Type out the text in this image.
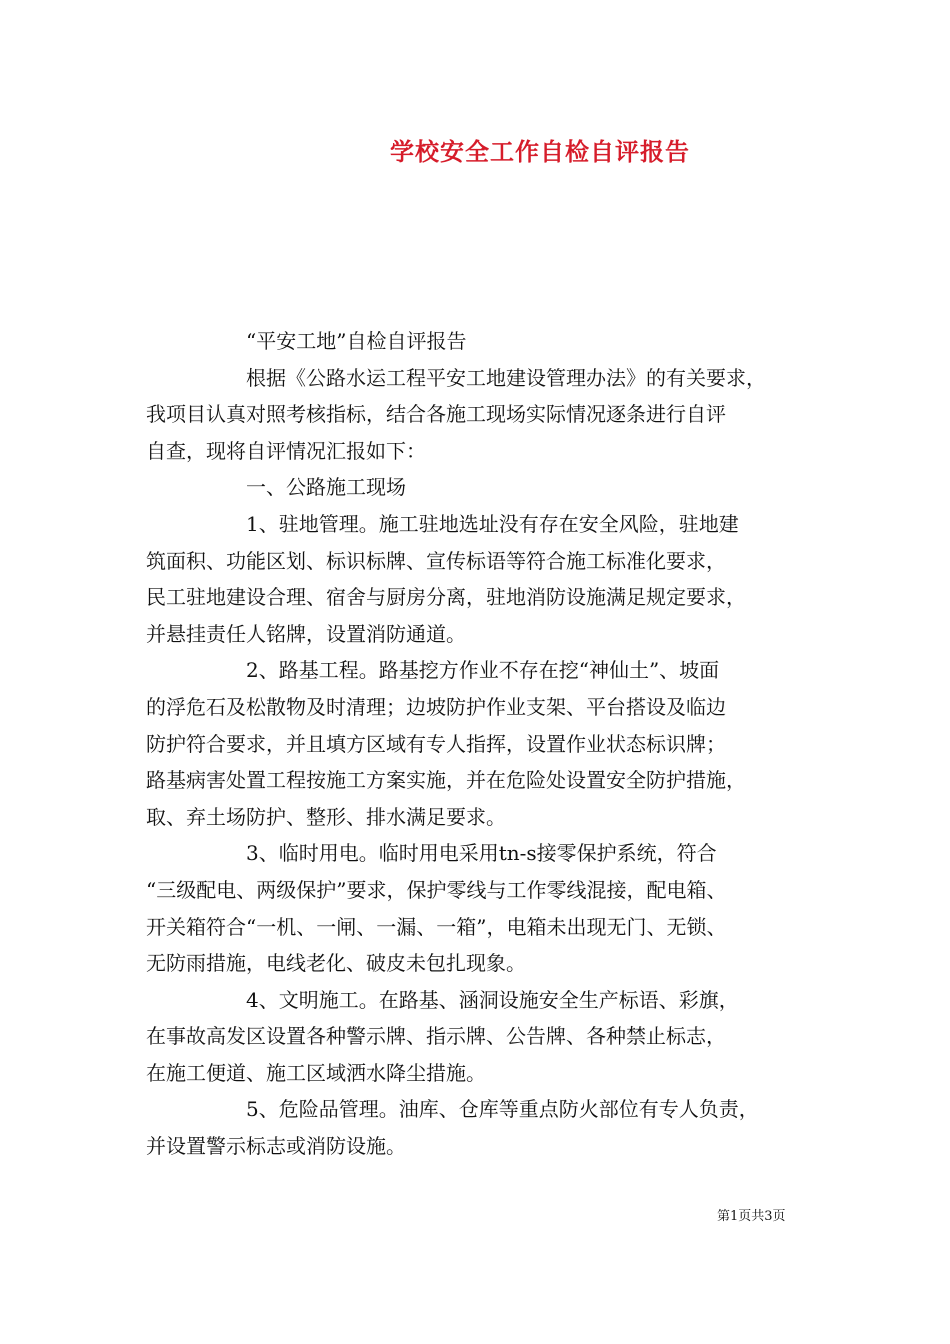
学校安全工作自检自评报告
“平安工地”自检自评报告
根据《公路水运工程平安工地建设管理办法》的有关要求，
我项目认真对照考核指标，结合各施工现场实际情况逐条进行自评
自查，现将自评情况汇报如下：
一、公路施工现场
1、驻地管理。施工驻地选址没有存在安全风险，驻地建
筑面积、功能区划、标识标牌、宣传标语等符合施工标准化要求，
民工驻地建设合理、宿舍与厨房分离，驻地消防设施满足规定要求，
并悬挂责任人铭牌，设置消防通道。
2、路基工程。路基挖方作业不存在挖“神仙土”、坡面
的浮危石及松散物及时清理；边坡防护作业支架、平台搭设及临边
防护符合要求，并且填方区域有专人指挥，设置作业状态标识牌；
路基病害处置工程按施工方案实施，并在危险处设置安全防护措施，
取、弃土场防护、整形、排水满足要求。
3、临时用电。临时用电采用tn-s接零保护系统，符合
“三级配电、两级保护”要求，保护零线与工作零线混接，配电箱、
开关箱符合“一机、一闸、一漏、一箱”，电箱未出现无门、无锁、
无防雨措施，电线老化、破皮未包扎现象。
4、文明施工。在路基、涵洞设施安全生产标语、彩旗，
在事故高发区设置各种警示牌、指示牌、公告牌、各种禁止标志，
在施工便道、施工区域洒水降尘措施。
5、危险品管理。油库、仓库等重点防火部位有专人负责，
并设置警示标志或消防设施。
第1页共3页
